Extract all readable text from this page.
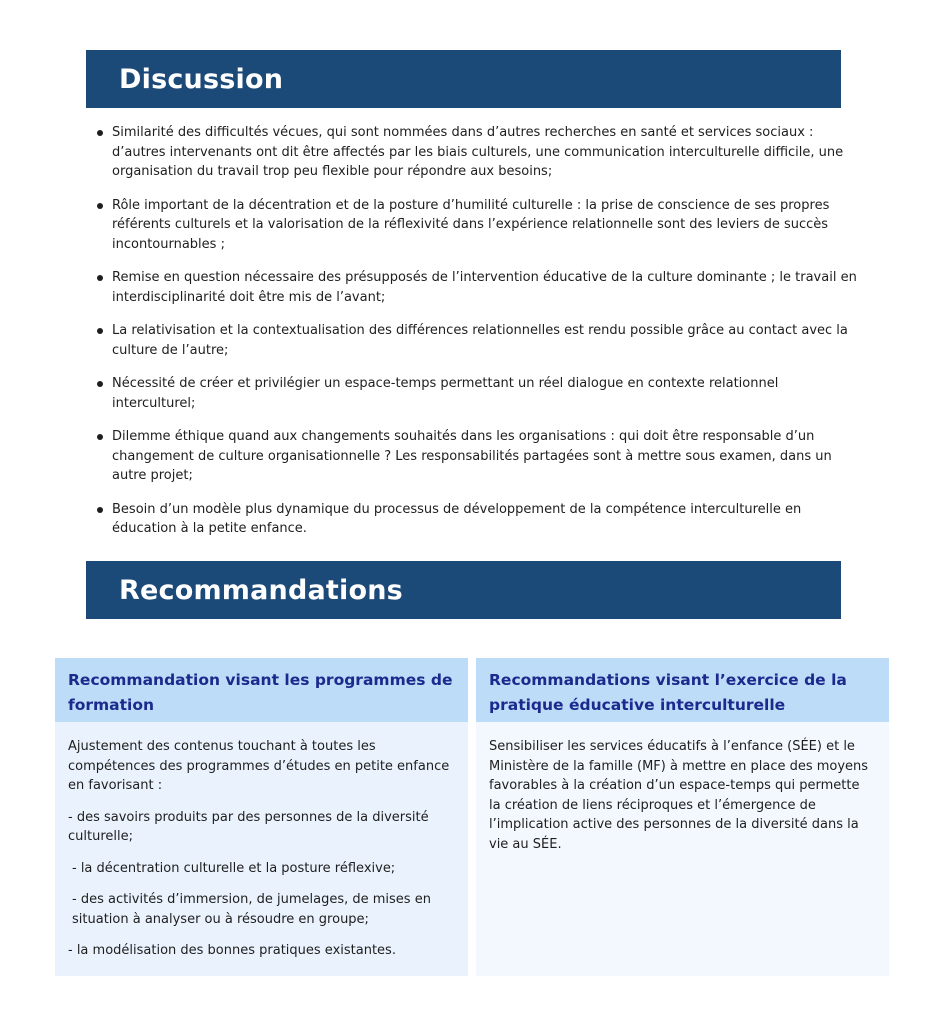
Discussion
Similarité des difficultés vécues, qui sont nommées dans d’autres recherches en santé et services sociaux : d’autres intervenants ont dit être affectés par les biais culturels, une communication interculturelle difficile, une organisation du travail trop peu flexible pour répondre aux besoins;
Rôle important de la décentration et de la posture d’humilité culturelle : la prise de conscience de ses propres référents culturels et la valorisation de la réflexivité dans l’expérience relationnelle sont des leviers de succès incontournables ;
Remise en question nécessaire des présupposés de l’intervention éducative de la culture dominante ; le travail en interdisciplinarité doit être mis de l’avant;
La relativisation et la contextualisation des différences relationnelles est rendu possible grâce au contact avec la culture de l’autre;
Nécessité de créer et privilégier un espace-temps permettant un réel dialogue en contexte relationnel interculturel;
Dilemme éthique quand aux changements souhaités dans les organisations : qui doit être responsable d’un changement de culture organisationnelle ? Les responsabilités partagées sont à mettre sous examen, dans un autre projet;
Besoin d’un modèle plus dynamique du processus de développement de la compétence interculturelle en éducation à la petite enfance.
Recommandations
Recommandation visant les programmes de formation

Ajustement des contenus touchant à toutes les compétences des programmes d’études en petite enfance en favorisant :

- des savoirs produits par des personnes de la diversité culturelle;

- la décentration culturelle et la posture réflexive;

- des activités d’immersion, de jumelages, de mises en situation à analyser ou à résoudre en groupe;

- la modélisation des bonnes pratiques existantes.

Recommandations visant l’exercice de la pratique éducative interculturelle

Sensibiliser les services éducatifs à l’enfance (SÉE) et le Ministère de la famille (MF) à mettre en place des moyens favorables à la création d’un espace-temps qui permette la création de liens réciproques et l’émergence de l’implication active des personnes de la diversité dans la vie au SÉE.
